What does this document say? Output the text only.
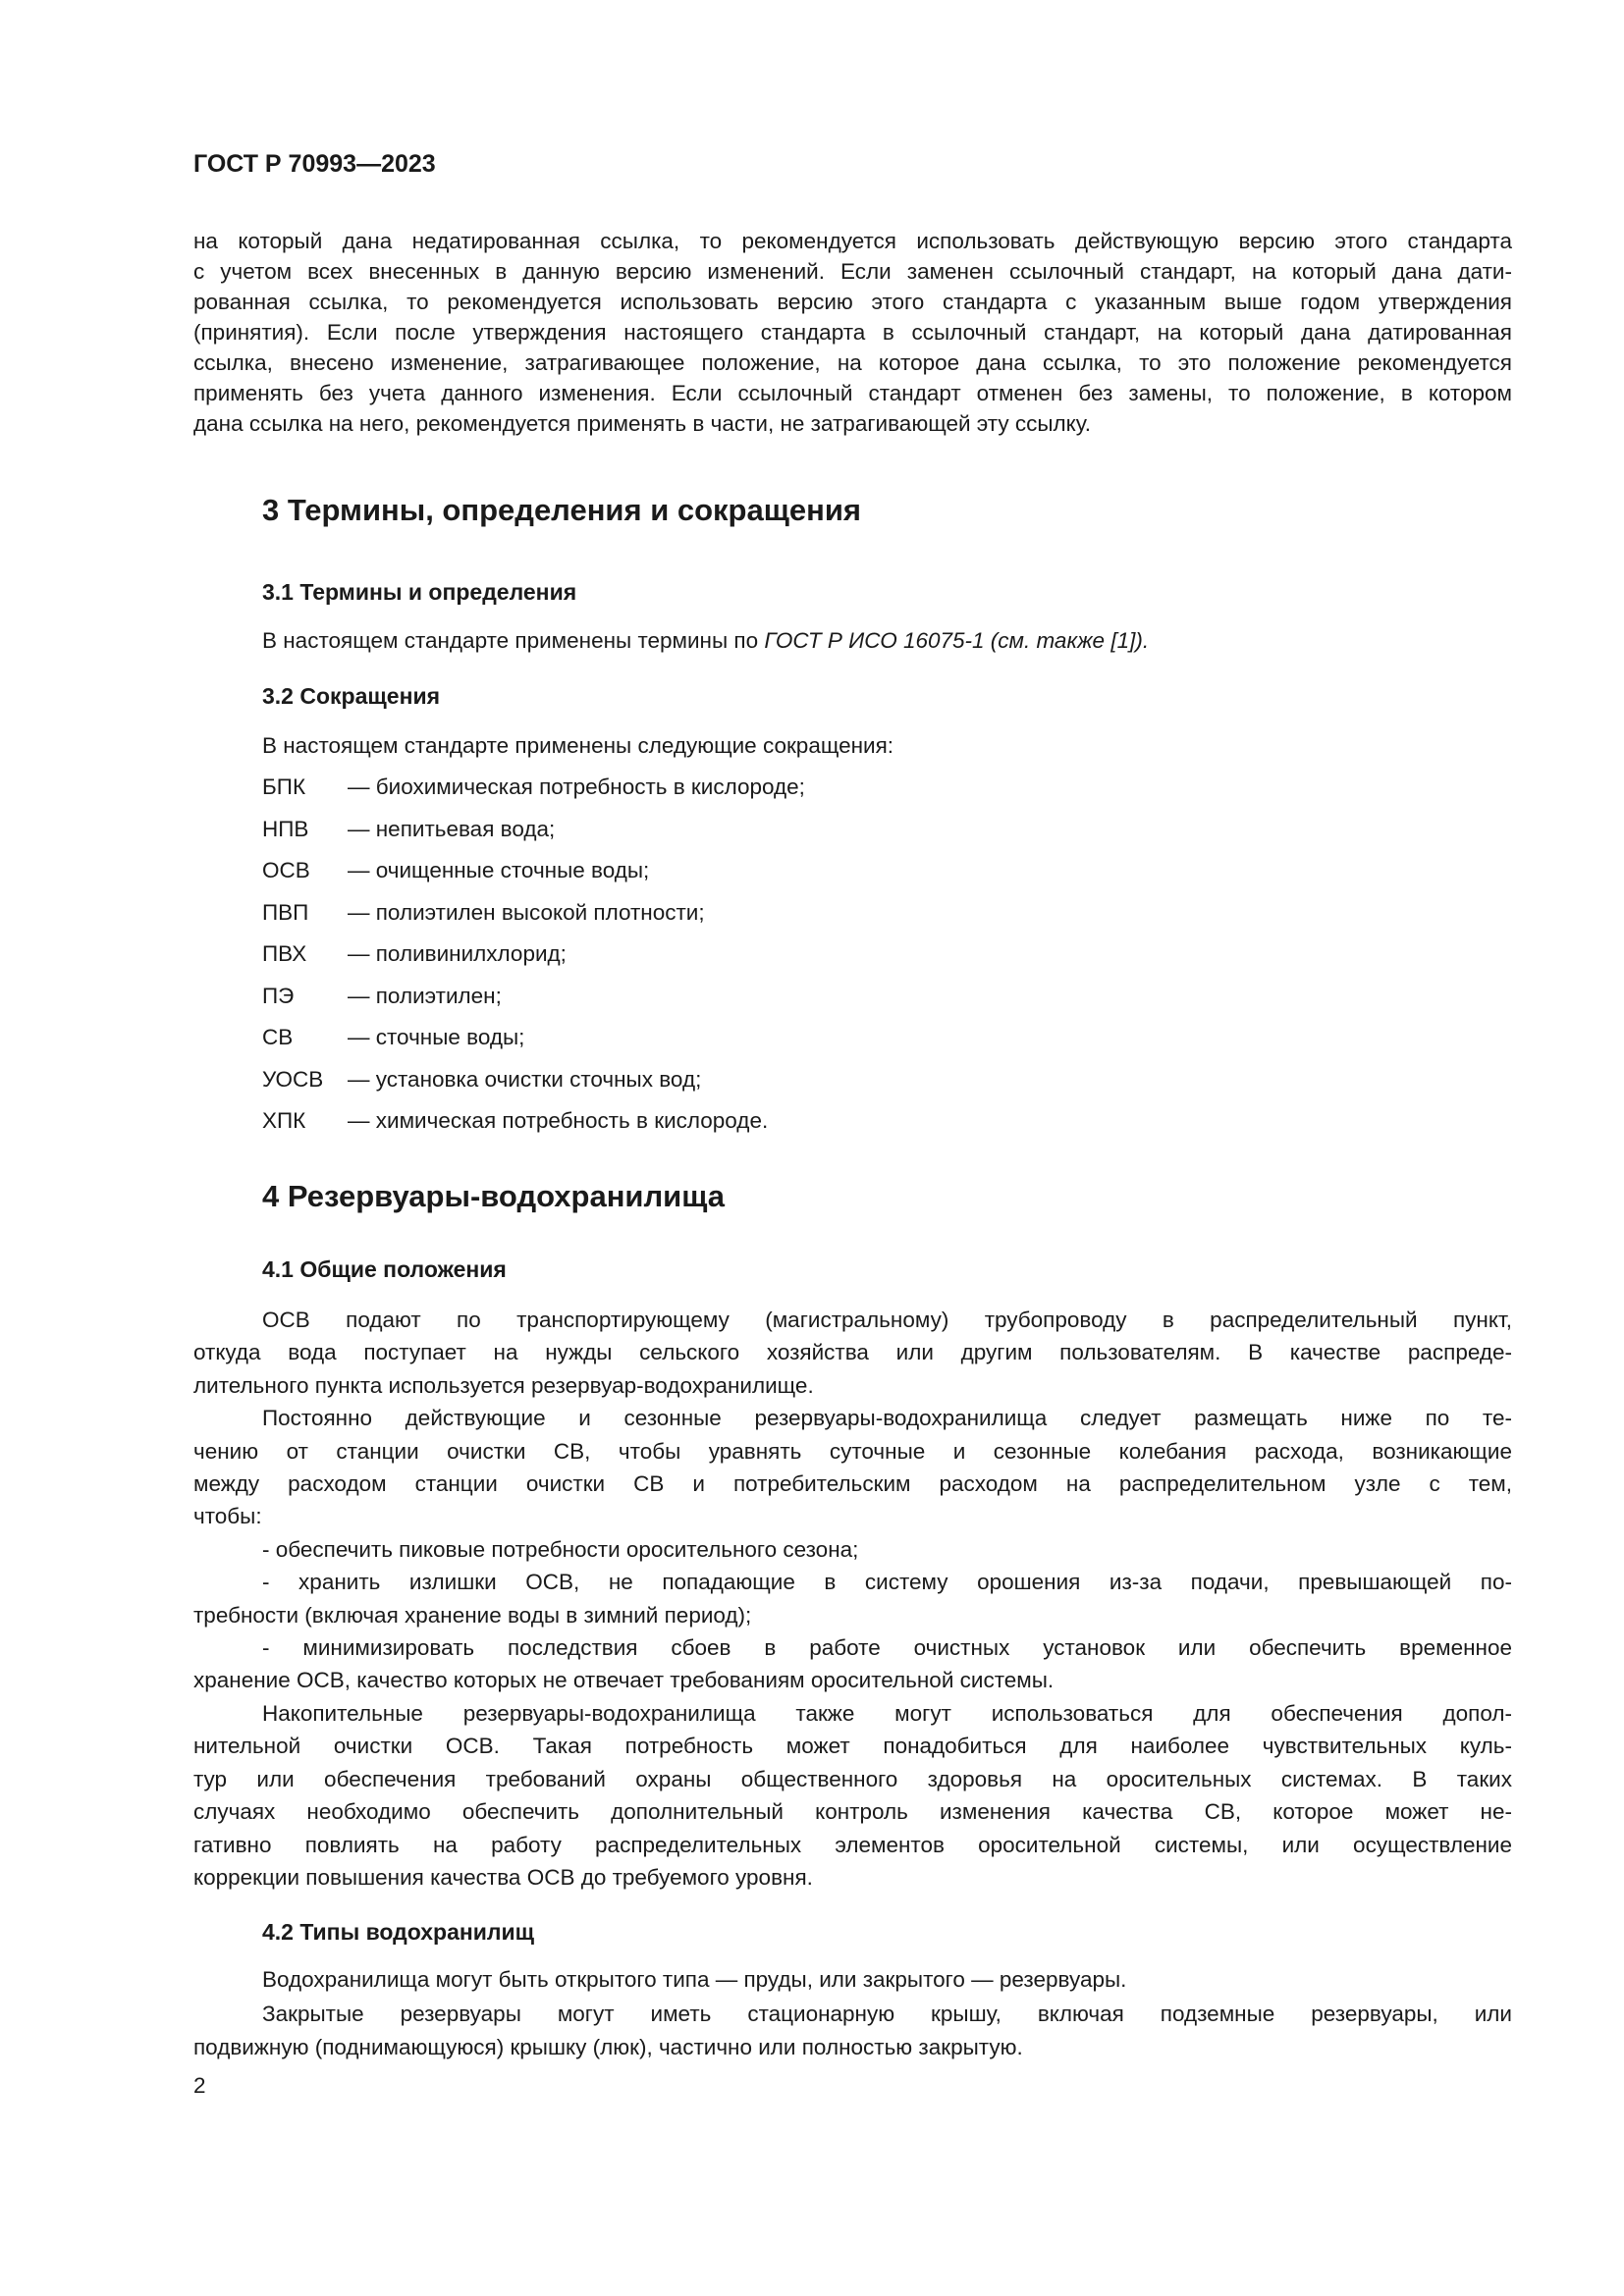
ГОСТ Р 70993—2023
на который дана недатированная ссылка, то рекомендуется использовать действующую версию этого стандарта
с учетом всех внесенных в данную версию изменений. Если заменен ссылочный стандарт, на который дана дати-
рованная ссылка, то рекомендуется использовать версию этого стандарта с указанным выше годом утверждения
(принятия). Если после утверждения настоящего стандарта в ссылочный стандарт, на который дана датированная
ссылка, внесено изменение, затрагивающее положение, на которое дана ссылка, то это положение рекомендуется
применять без учета данного изменения. Если ссылочный стандарт отменен без замены, то положение, в котором
дана ссылка на него, рекомендуется применять в части, не затрагивающей эту ссылку.
3 Термины, определения и сокращения
3.1 Термины и определения
В настоящем стандарте применены термины по ГОСТ Р ИСО 16075-1 (см. также [1]).
3.2 Сокращения
В настоящем стандарте применены следующие сокращения:
БПК — биохимическая потребность в кислороде;
НПВ — непитьевая вода;
ОСВ — очищенные сточные воды;
ПВП — полиэтилен высокой плотности;
ПВХ — поливинилхлорид;
ПЭ — полиэтилен;
СВ — сточные воды;
УОСВ — установка очистки сточных вод;
ХПК — химическая потребность в кислороде.
4 Резервуары-водохранилища
4.1 Общие положения
ОСВ подают по транспортирующему (магистральному) трубопроводу в распределительный пункт,
откуда вода поступает на нужды сельского хозяйства или другим пользователям. В качестве распреде-
лительного пункта используется резервуар-водохранилище.
Постоянно действующие и сезонные резервуары-водохранилища следует размещать ниже по те-
чению от станции очистки СВ, чтобы уравнять суточные и сезонные колебания расхода, возникающие
между расходом станции очистки СВ и потребительским расходом на распределительном узле с тем,
чтобы:
- обеспечить пиковые потребности оросительного сезона;
- хранить излишки ОСВ, не попадающие в систему орошения из-за подачи, превышающей по-
требности (включая хранение воды в зимний период);
- минимизировать последствия сбоев в работе очистных установок или обеспечить временное
хранение ОСВ, качество которых не отвечает требованиям оросительной системы.
Накопительные резервуары-водохранилища также могут использоваться для обеспечения допол-
нительной очистки ОСВ. Такая потребность может понадобиться для наиболее чувствительных куль-
тур или обеспечения требований охраны общественного здоровья на оросительных системах. В таких
случаях необходимо обеспечить дополнительный контроль изменения качества СВ, которое может не-
гативно повлиять на работу распределительных элементов оросительной системы, или осуществление
коррекции повышения качества ОСВ до требуемого уровня.
4.2 Типы водохранилищ
Водохранилища могут быть открытого типа — пруды, или закрытого — резервуары.
Закрытые резервуары могут иметь стационарную крышу, включая подземные резервуары, или
подвижную (поднимающуюся) крышку (люк), частично или полностью закрытую.
2
